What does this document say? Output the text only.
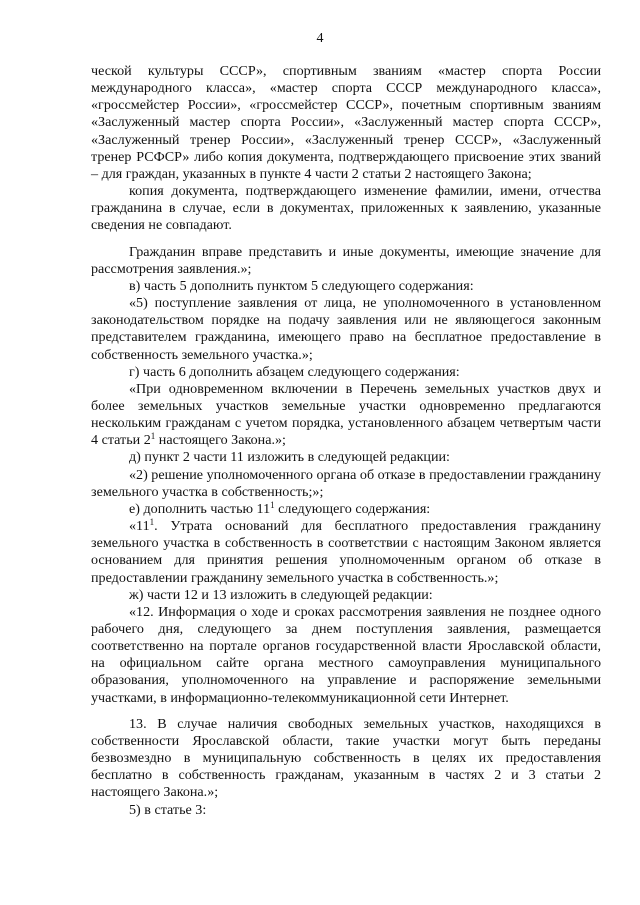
4

ческой культуры СССР», спортивным званиям «мастер спорта России международного класса», «мастер спорта СССР международного класса», «гроссмейстер России», «гроссмейстер СССР», почетным спортивным званиям «Заслуженный мастер спорта России», «Заслуженный мастер спорта СССР», «Заслуженный тренер России», «Заслуженный тренер СССР», «Заслуженный тренер РСФСР» либо копия документа, подтверждающего присвоение этих званий – для граждан, указанных в пункте 4 части 2 статьи 2 настоящего Закона;

копия документа, подтверждающего изменение фамилии, имени, отчества гражданина в случае, если в документах, приложенных к заявлению, указанные сведения не совпадают.

Гражданин вправе представить и иные документы, имеющие значение для рассмотрения заявления.»;

в) часть 5 дополнить пунктом 5 следующего содержания:

«5) поступление заявления от лица, не уполномоченного в установленном законодательством порядке на подачу заявления или не являющегося законным представителем гражданина, имеющего право на бесплатное предоставление в собственность земельного участка.»;

г) часть 6 дополнить абзацем следующего содержания:

«При одновременном включении в Перечень земельных участков двух и более земельных участков земельные участки одновременно предлагаются нескольким гражданам с учетом порядка, установленного абзацем четвертым части 4 статьи $2^1$ настоящего Закона.»;

д) пункт 2 части 11 изложить в следующей редакции:

«2) решение уполномоченного органа об отказе в предоставлении гражданину земельного участка в собственность;»;

е) дополнить частью $11^1$ следующего содержания:

«$11^1$. Утрата оснований для бесплатного предоставления гражданину земельного участка в собственность в соответствии с настоящим Законом является основанием для принятия решения уполномоченным органом об отказе в предоставлении гражданину земельного участка в собственность.»;

ж) части 12 и 13 изложить в следующей редакции:

«12. Информация о ходе и сроках рассмотрения заявления не позднее одного рабочего дня, следующего за днем поступления заявления, размещается соответственно на портале органов государственной власти Ярославской области, на официальном сайте органа местного самоуправления муниципального образования, уполномоченного на управление и распоряжение земельными участками, в информационно-телекоммуникационной сети Интернет.

13. В случае наличия свободных земельных участков, находящихся в собственности Ярославской области, такие участки могут быть переданы безвозмездно в муниципальную собственность в целях их предоставления бесплатно в собственность гражданам, указанным в частях 2 и 3 статьи 2 настоящего Закона.»;

5) в статье 3:
